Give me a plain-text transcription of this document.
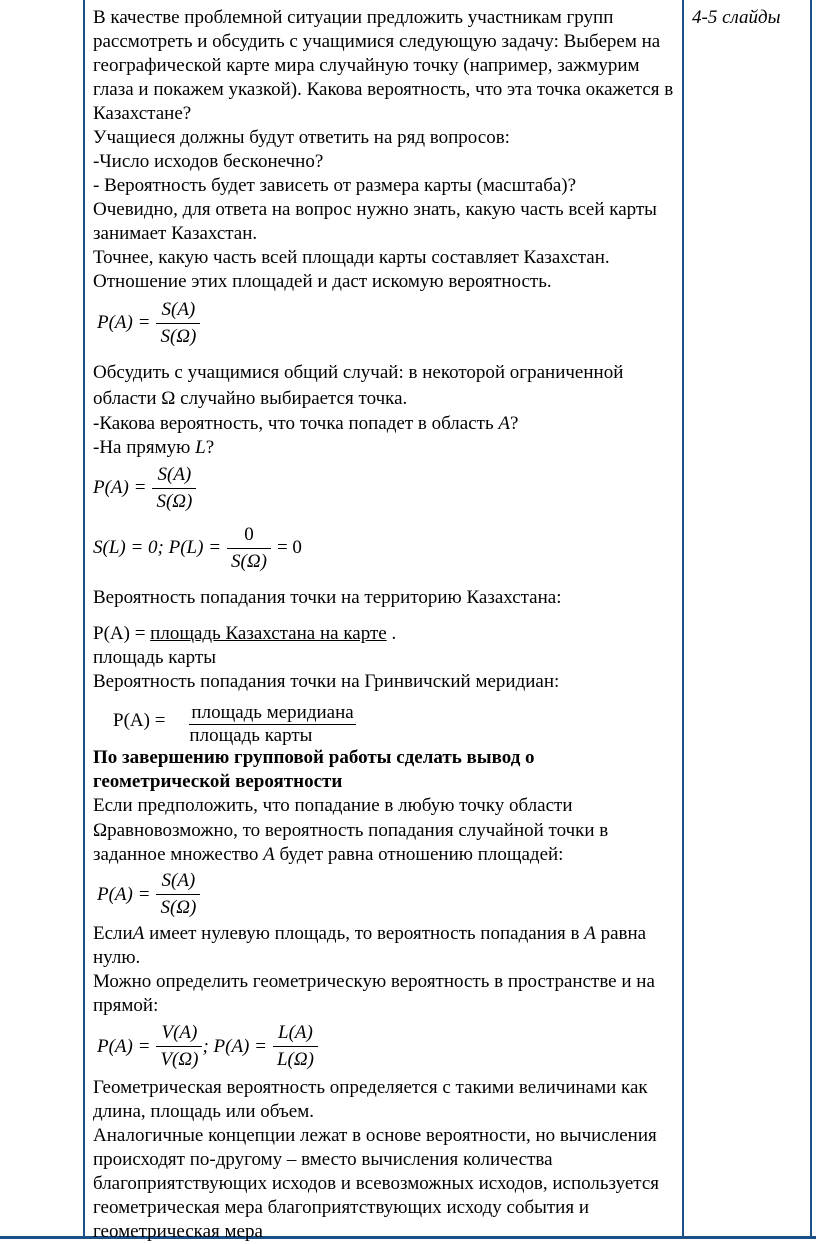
4-5 слайды

В качестве проблемной ситуации предложить участникам групп рассмотреть и обсудить с учащимися следующую задачу: Выберем на географической карте мира случайную точку (например, зажмурим глаза и покажем указкой). Какова вероятность, что эта точка окажется в Казахстане?

Учащиеся должны будут ответить на ряд вопросов:

-Число исходов бесконечно?

- Вероятность будет зависеть от размера карты (масштаба)?

Очевидно, для ответа на вопрос нужно знать, какую часть всей карты занимает Казахстан.

Точнее, какую часть всей площади карты составляет Казахстан.

Отношение этих площадей и даст искомую вероятность.

$P(A) = \frac{S(A)}{S(\Omega)}$

Обсудить с учащимися общий случай: в некоторой ограниченной области Ω случайно выбирается точка.

-Какова вероятность, что точка попадет в область A?

-На прямую L?

$P(A) = \frac{S(A)}{S(\Omega)}$
S(L) = 0; $P(L) = \frac{0}{S(\Omega)} = 0$

Вероятность попадания точки на территорию Казахстана:

P(A) = площадь Казахстана на карте .

площадь карты

Вероятность попадания точки на Гринвичский меридиан:

$P(A) = \frac{\text{площадь меридиана}}{\text{площадь карты}}$

По завершению групповой работы сделать вывод о геометрической вероятности

Если предположить, что попадание в любую точку области Ωравновозможно, то вероятность попадания случайной точки в заданное множество A будет равна отношению площадей:

$P(A) = \frac{S(A)}{S(\Omega)}$

ЕслиA имеет нулевую площадь, то вероятность попадания в A равна нулю.

Можно определить геометрическую вероятность в пространстве и на прямой:

$P(A) = \frac{V(A)}{V(\Omega)}$ ; $P(A) = \frac{L(A)}{L(\Omega)}$

Геометрическая вероятность определяется с такими величинами как длина, площадь или объем.

Аналогичные концепции лежат в основе вероятности, но вычисления происходят по-другому – вместо вычисления количества благоприятствующих исходов и всевозможных исходов, используется геометрическая мера благоприятствующих исходу события и геометрическая мера
